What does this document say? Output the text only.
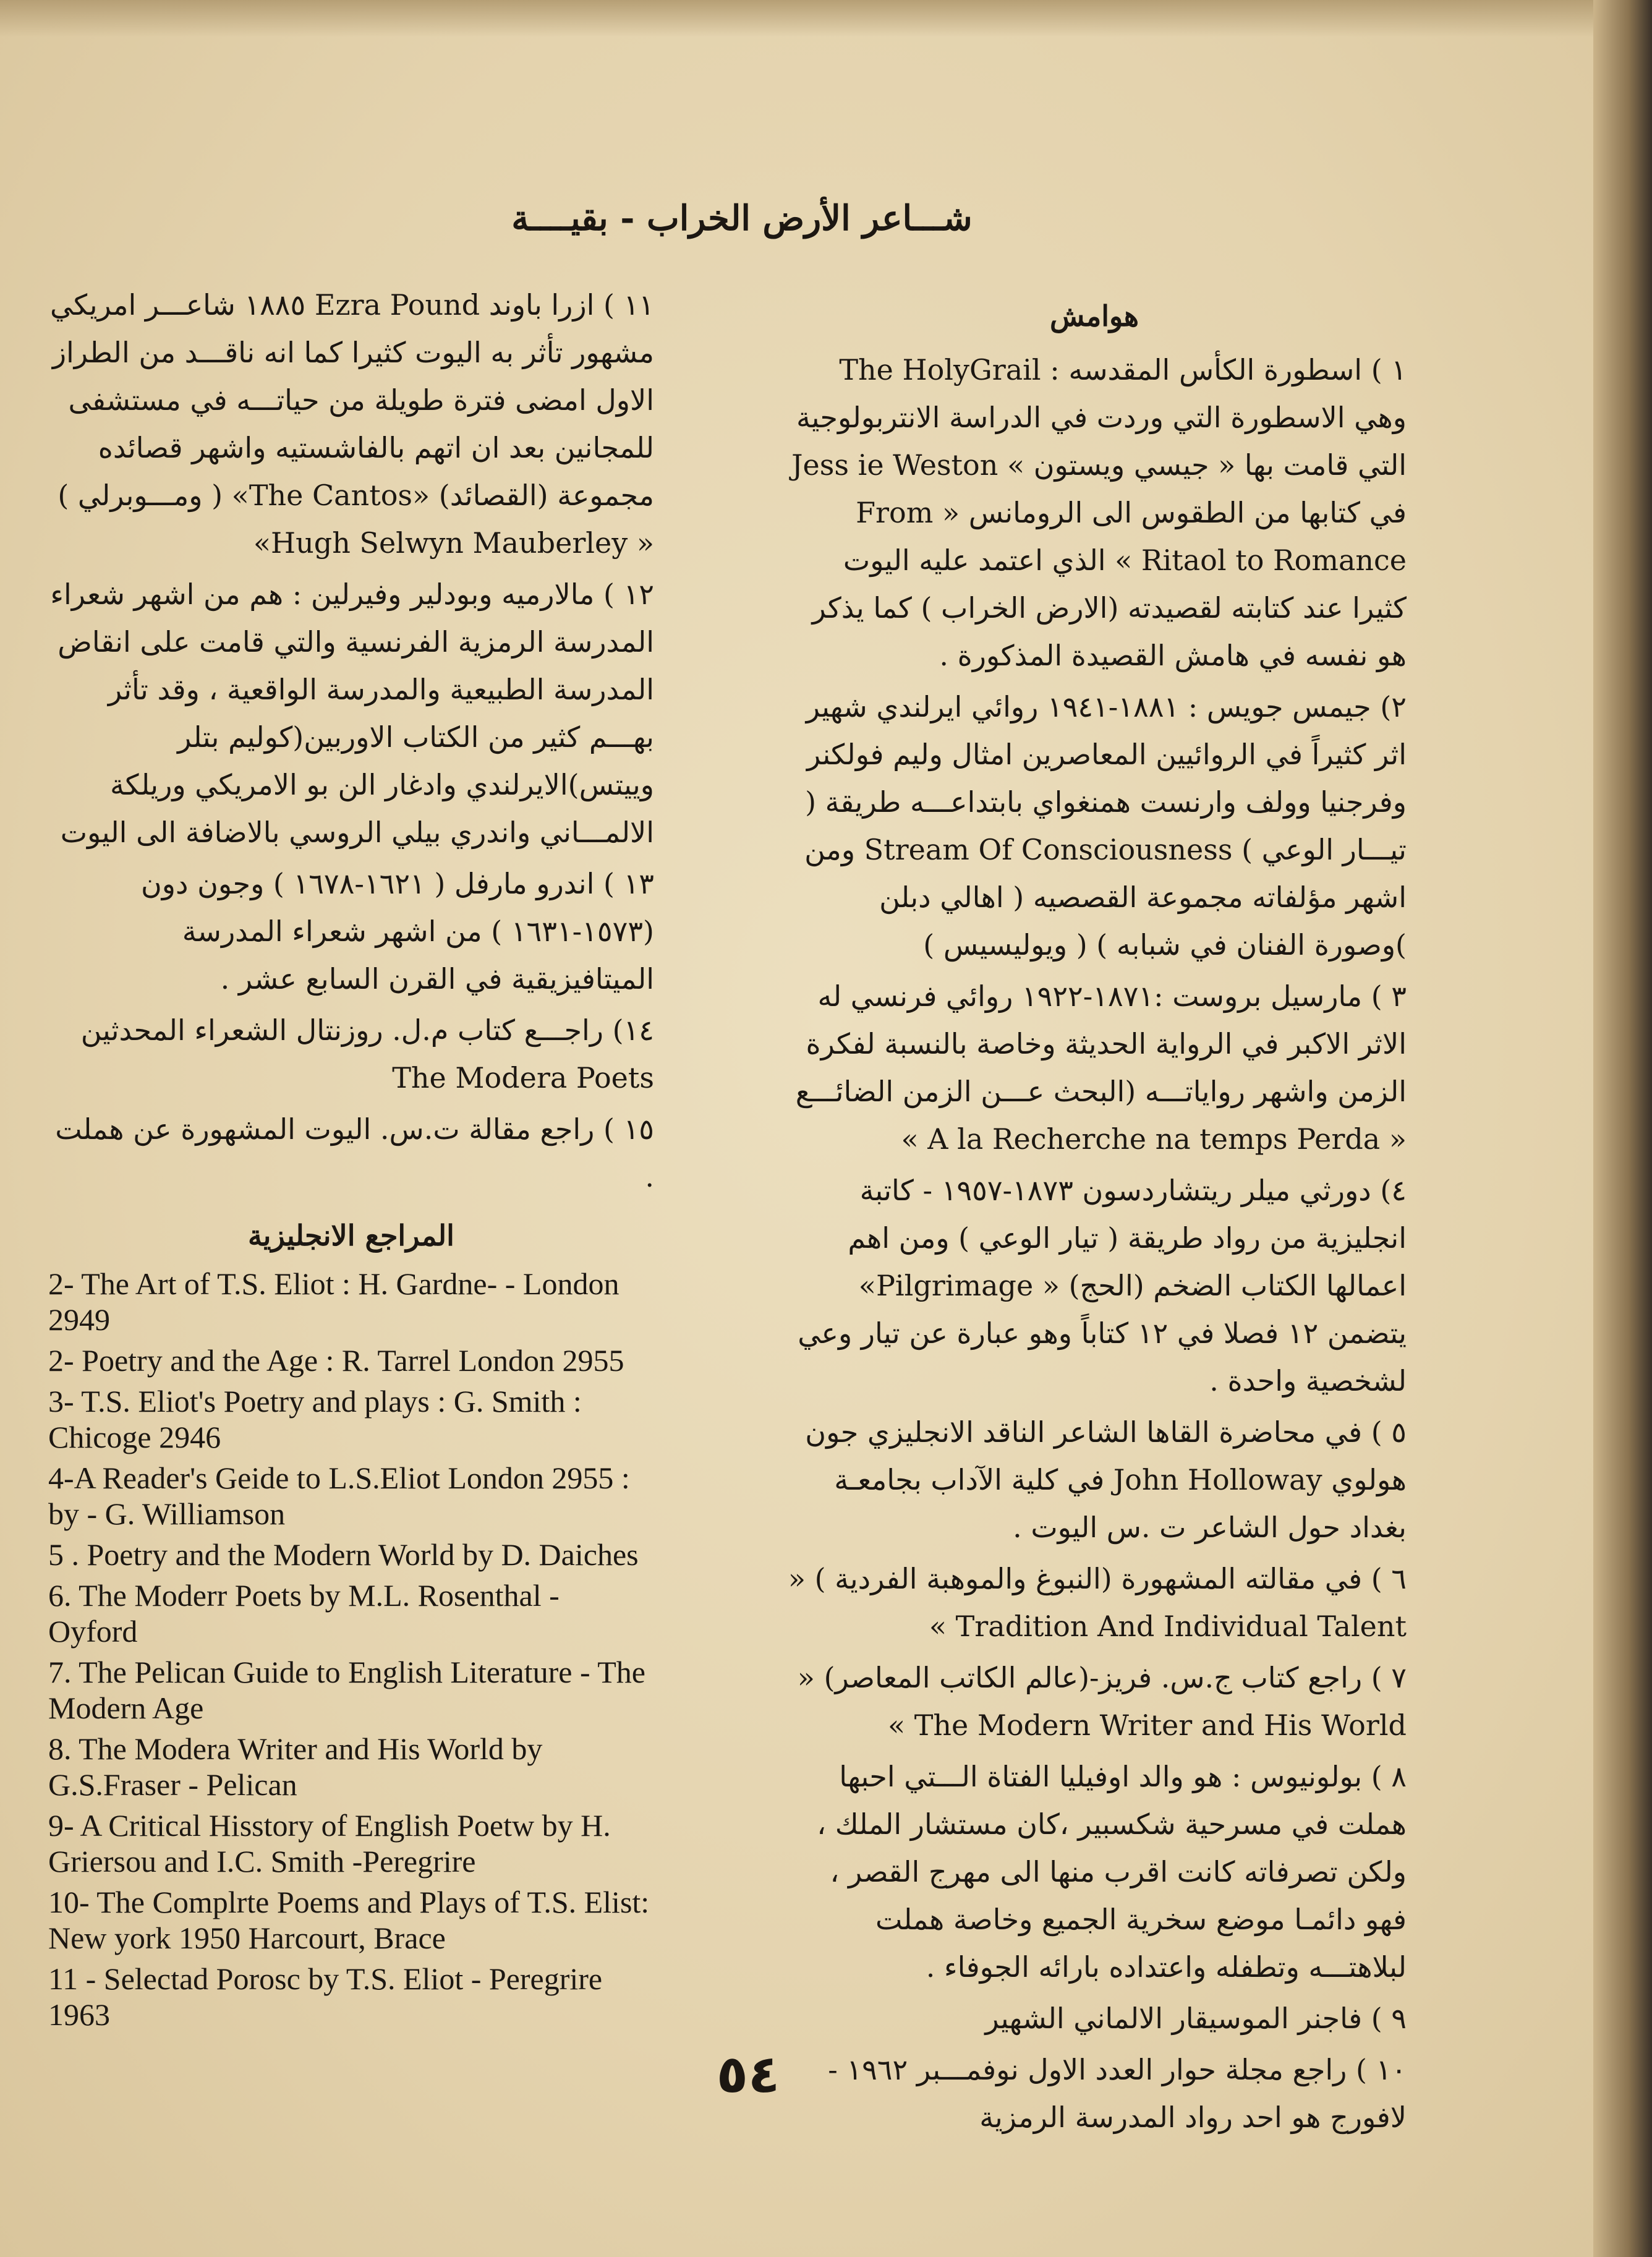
شـــاعر الأرض الخراب - بقيــــة
هوامش

١ ) اسطورة الكأس المقدسه : The HolyGrail وهي الاسطورة التي وردت في الدراسة الانتربولوجية التي قامت بها « جيسي ويستون » Jess ie Weston في كتابها من الطقوس الى الرومانس « From Ritaol to Romance » الذي اعتمد عليه اليوت كثيرا عند كتابته لقصيدته (الارض الخراب ) كما يذكر هو نفسه في هامش القصيدة المذكورة .

٢) جيمس جويس : ١٨٨١-١٩٤١ روائي ايرلندي شهير اثر كثيراً في الروائيين المعاصرين امثال وليم فولكنر وفرجنيا وولف وارنست همنغواي بابتداعـــه طريقة ( تيـــار الوعي ) Stream Of Consciousness ومن اشهر مؤلفاته مجموعة القصصيه ( اهالي دبلن )وصورة الفنان في شبابه ) ( ويوليسيس )

٣ ) مارسيل بروست :١٨٧١-١٩٢٢ روائي فرنسي له الاثر الاكبر في الرواية الحديثة وخاصة بالنسبة لفكرة الزمن واشهر رواياتـــه (البحث عـــن الزمن الضائـــع « A la Recherche na temps Perda »

٤) دورثي ميلر ريتشاردسون ١٨٧٣-١٩٥٧ - كاتبة انجليزية من رواد طريقة ( تيار الوعي ) ومن اهم اعمالها الكتاب الضخم (الحج) « Pilgrimage» يتضمن ١٢ فصلا في ١٢ كتاباً وهو عبارة عن تيار وعي لشخصية واحدة .

٥ ) في محاضرة القاها الشاعر الناقد الانجليزي جون هولوي John Holloway في كلية الآداب بجامعـة بغداد حول الشاعر ت .س اليوت .

٦ ) في مقالته المشهورة (النبوغ والموهبة الفردية ) « Tradition And Individual Talent »

٧ ) راجع كتاب ج.س. فريز-(عالم الكاتب المعاصر) « The Modern Writer and His World »

٨ ) بولونيوس : هو والد اوفيليا الفتاة الـــتي احبها هملت في مسرحية شكسبير ،كان مستشار الملك ، ولكن تصرفاته كانت اقرب منها الى مهرج القصر ، فهو دائمـا موضع سخرية الجميع وخاصة هملت لبلاهتـــه وتطفله واعتداده بارائه الجوفاء .

٩ ) فاجنر الموسيقار الالماني الشهير

١٠ ) راجع مجلة حوار العدد الاول نوفمـــبر ١٩٦٢ - لافورج هو احد رواد المدرسة الرمزية

١١ ) ازرا باوند Ezra Pound ١٨٨٥ شاعـــر امريكي مشهور تأثر به اليوت كثيرا كما انه ناقـــد من الطراز الاول امضى فترة طويلة من حياتـــه في مستشفى للمجانين بعد ان اتهم بالفاشستيه واشهر قصائده مجموعة (القصائد) «The Cantos» ( ومـــوبرلي ) « Hugh Selwyn Mauberley»

١٢ ) مالارميه وبودلير وفيرلين : هم من اشهر شعراء المدرسة الرمزية الفرنسية والتي قامت على انقاض المدرسة الطبيعية والمدرسة الواقعية ، وقد تأثر بهـــم كثير من الكتاب الاوربين(كوليم بتلر وييتس)الايرلندي وادغار الن بو الامريكي وريلكة الالمـــاني واندري بيلي الروسي بالاضافة الى اليوت

١٣ ) اندرو مارفل ( ١٦٢١-١٦٧٨ ) وجون دون (١٥٧٣-١٦٣١ ) من اشهر شعراء المدرسة الميتافيزيقية في القرن السابع عشر .

١٤) راجـــع كتاب م.ل. روزنتال الشعراء المحدثين The Modera Poets

١٥ ) راجع مقالة ت.س. اليوت المشهورة عن هملت .

المراجع الانجليزية

2- The Art of T.S. Eliot : H. Gardne- - London 2949

2- Poetry and the Age : R. Tarrel London 2955

3- T.S. Eliot's Poetry and plays : G. Smith : Chicoge 2946

4-A Reader's Geide to L.S.Eliot London 2955 : by - G. Williamson

5 . Poetry and the Modern World by D. Daiches

6. The Moderr Poets by M.L. Rosenthal - Oyford

7. The Pelican Guide to English Literature - The Modern Age

8. The Modera Writer and His World by G.S.Fraser - Pelican

9- A Critical Hisstory of English Poetw by H. Griersou and I.C. Smith -Peregrire

10- The Complrte Poems and Plays of T.S. Elist: New york 1950 Harcourt, Brace

11 - Selectad Porosc by T.S. Eliot - Peregrire 1963

٥٤
